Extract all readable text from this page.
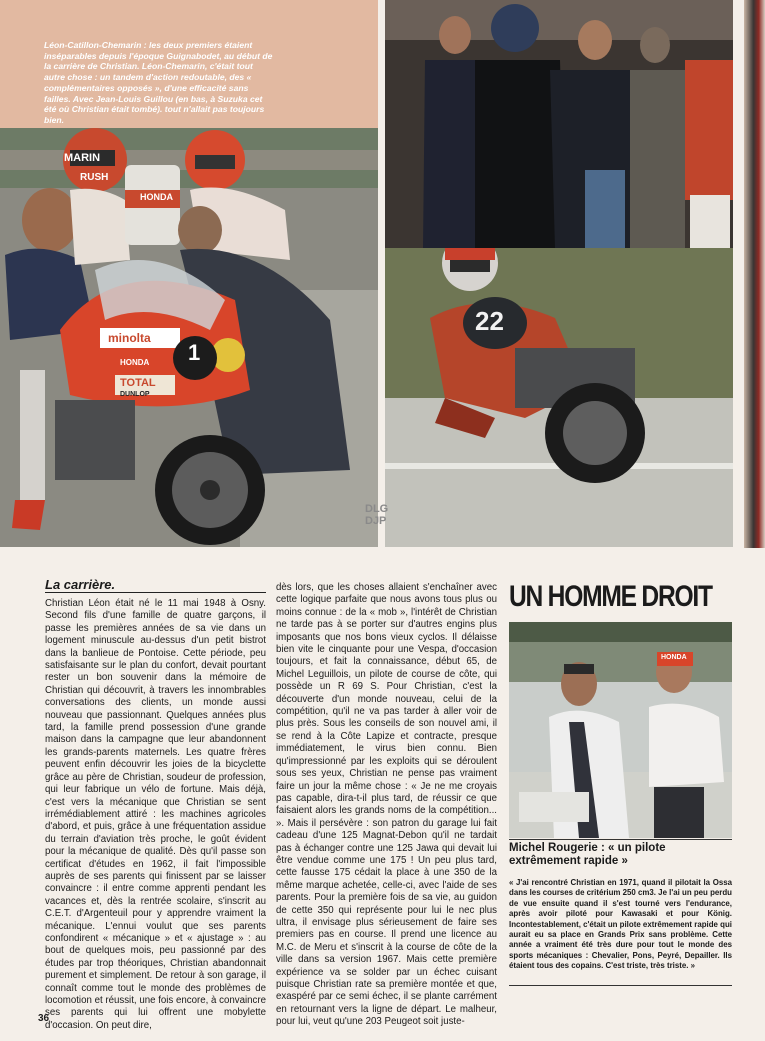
MARIN
RUSH
HONDA
minolta
1
HONDA
TOTAL
DUNLOP

Léon-Catillon-Chemarin : les deux premiers étaient inséparables depuis l'époque Guignabodet, au début de la carrière de Christian. Léon-Chemarin, c'était tout autre chose : un tandem d'action redoutable, des « complémentaires opposés », d'une efficacité sans failles. Avec Jean-Louis Guillou (en bas, à Suzuka cet été où Christian était tombé). tout n'allait pas toujours bien.

22
DLG
DJP
La carrière.

Christian Léon était né le 11 mai 1948 à Osny. Second fils d'une famille de quatre garçons, il passe les premières années de sa vie dans un logement minuscule au-dessus d'un petit bistrot dans la banlieue de Pontoise. Cette période, peu satisfaisante sur le plan du confort, devait pourtant rester un bon souvenir dans la mémoire de Christian qui découvrit, à travers les innombrables conversations des clients, un monde aussi nouveau que passionnant. Quelques années plus tard, la famille prend possession d'une grande maison dans la campagne que leur abandonnent les grands-parents maternels. Les quatre frères peuvent enfin découvrir les joies de la bicyclette grâce au père de Christian, soudeur de profession, qui leur fabrique un vélo de fortune. Mais déjà, c'est vers la mécanique que Christian se sent irrémédiablement attiré : les machines agricoles d'abord, et puis, grâce à une fréquentation assidue du terrain d'aviation très proche, le goût évident pour la mécanique de qualité. Dès qu'il passe son certificat d'études en 1962, il fait l'impossible auprès de ses parents qui finissent par se laisser convaincre : il entre comme apprenti pendant les vacances et, dès la rentrée scolaire, s'inscrit au C.E.T. d'Argenteuil pour y apprendre vraiment la mécanique. L'ennui voulut que ses parents confondirent « mécanique » et « ajustage » : au bout de quelques mois, peu passionné par des études par trop théoriques, Christian abandonnait purement et simplement. De retour à son garage, il connaît comme tout le monde des problèmes de locomotion et réussit, une fois encore, à convaincre ses parents qui lui offrent une mobylette d'occasion. On peut dire,

dès lors, que les choses allaient s'enchaîner avec cette logique parfaite que nous avons tous plus ou moins connue : de la « mob », l'intérêt de Christian ne tarde pas à se porter sur d'autres engins plus imposants que nos bons vieux cyclos. Il délaisse bien vite le cinquante pour une Vespa, d'occasion toujours, et fait la connaissance, début 65, de Michel Leguillois, un pilote de course de côte, qui possède un R 69 S. Pour Christian, c'est la découverte d'un monde nouveau, celui de la compétition, qu'il ne va pas tarder à aller voir de plus près. Sous les conseils de son nouvel ami, il se rend à la Côte Lapize et contracte, presque immédiatement, le virus bien connu. Bien qu'impressionné par les exploits qui se déroulent sous ses yeux, Christian ne pense pas vraiment faire un jour la même chose : « Je ne me croyais pas capable, dira-t-il plus tard, de réussir ce que faisaient alors les grands noms de la compétition... ». Mais il persévère : son patron du garage lui fait cadeau d'une 125 Magnat-Debon qu'il ne tardait pas à échanger contre une 125 Jawa qui devait lui être vendue comme une 175 ! Un peu plus tard, cette fausse 175 cédait la place à une 350 de la même marque achetée, celle-ci, avec l'aide de ses parents. Pour la première fois de sa vie, au guidon de cette 350 qui représente pour lui le nec plus ultra, il envisage plus sérieusement de faire ses premiers pas en course. Il prend une licence au M.C. de Meru et s'inscrit à la course de côte de la ville dans sa version 1967. Mais cette première expérience va se solder par un échec cuisant puisque Christian rate sa première montée et que, exaspéré par ce semi échec, il se plante carrément en retournant vers la ligne de départ. Le malheur, pour lui, veut qu'une 203 Peugeot soit juste-

UN HOMME DROIT
HONDA
Michel Rougerie : « un pilote extrêmement rapide »

« J'ai rencontré Christian en 1971, quand il pilotait la Ossa dans les courses de critérium 250 cm3. Je l'ai un peu perdu de vue ensuite quand il s'est tourné vers l'endurance, après avoir piloté pour Kawasaki et pour König. Incontestablement, c'était un pilote extrêmement rapide qui aurait eu sa place en Grands Prix sans problème. Cette année a vraiment été très dure pour tout le monde des sports mécaniques : Chevalier, Pons, Peyré, Depailler. Ils étaient tous des copains. C'est triste, très triste. »

36
